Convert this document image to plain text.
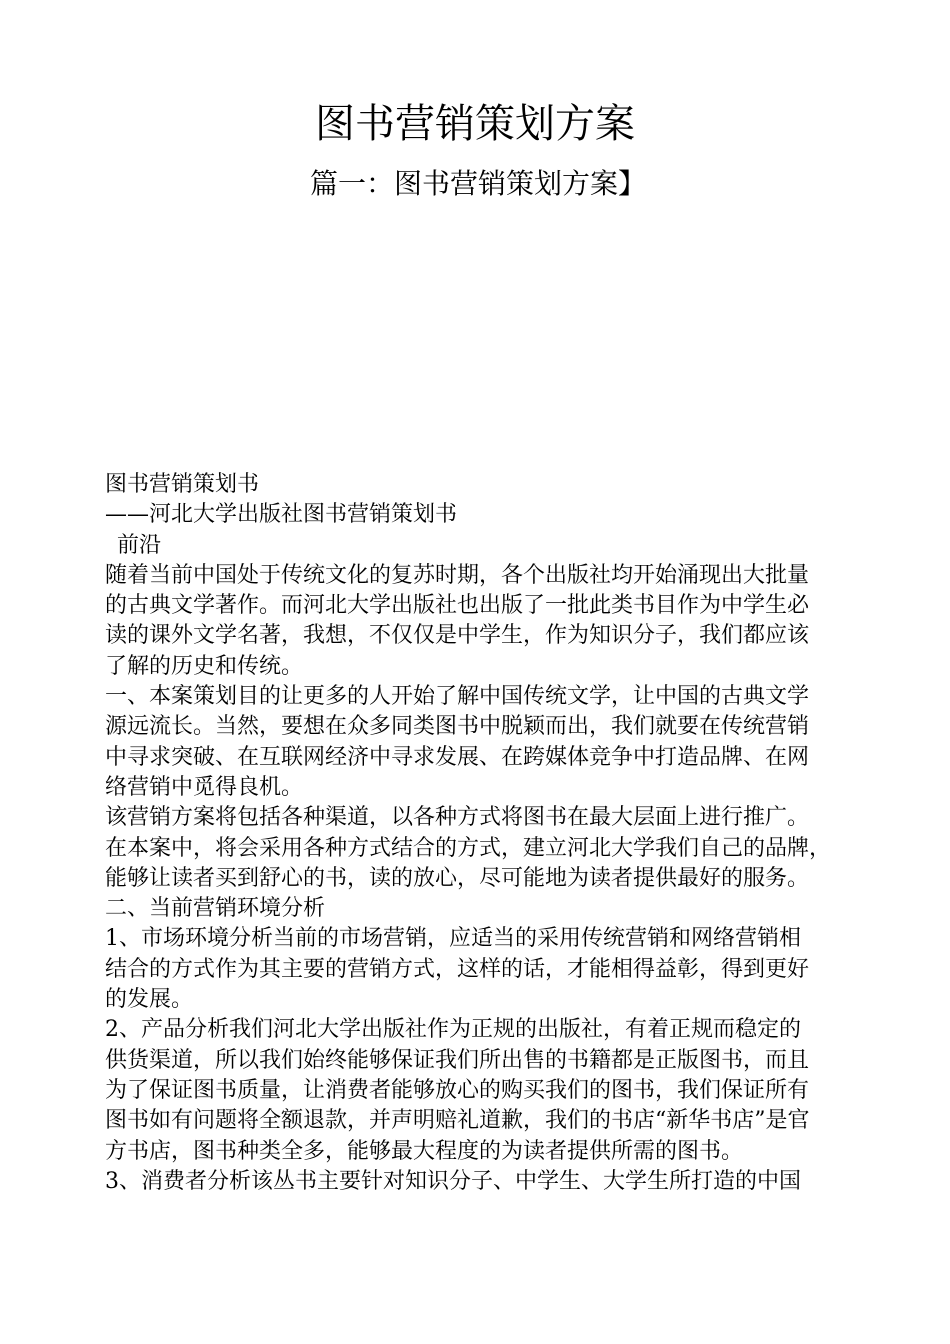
图书营销策划方案
篇一：图书营销策划方案】
图书营销策划书
——河北大学出版社图书营销策划书
前沿
随着当前中国处于传统文化的复苏时期，各个出版社均开始涌现出大批量
的古典文学著作。而河北大学出版社也出版了一批此类书目作为中学生必
读的课外文学名著，我想，不仅仅是中学生，作为知识分子，我们都应该
了解的历史和传统。
一、本案策划目的让更多的人开始了解中国传统文学，让中国的古典文学
源远流长。当然，要想在众多同类图书中脱颖而出，我们就要在传统营销
中寻求突破、在互联网经济中寻求发展、在跨媒体竞争中打造品牌、在网
络营销中觅得良机。
该营销方案将包括各种渠道，以各种方式将图书在最大层面上进行推广。
在本案中，将会采用各种方式结合的方式，建立河北大学我们自己的品牌，
能够让读者买到舒心的书，读的放心，尽可能地为读者提供最好的服务。
二、当前营销环境分析
1、市场环境分析当前的市场营销，应适当的采用传统营销和网络营销相
结合的方式作为其主要的营销方式，这样的话，才能相得益彰，得到更好
的发展。
2、产品分析我们河北大学出版社作为正规的出版社，有着正规而稳定的
供货渠道，所以我们始终能够保证我们所出售的书籍都是正版图书，而且
为了保证图书质量，让消费者能够放心的购买我们的图书，我们保证所有
图书如有问题将全额退款，并声明赔礼道歉，我们的书店“新华书店”是官
方书店，图书种类全多，能够最大程度的为读者提供所需的图书。
3、消费者分析该丛书主要针对知识分子、中学生、大学生所打造的中国
